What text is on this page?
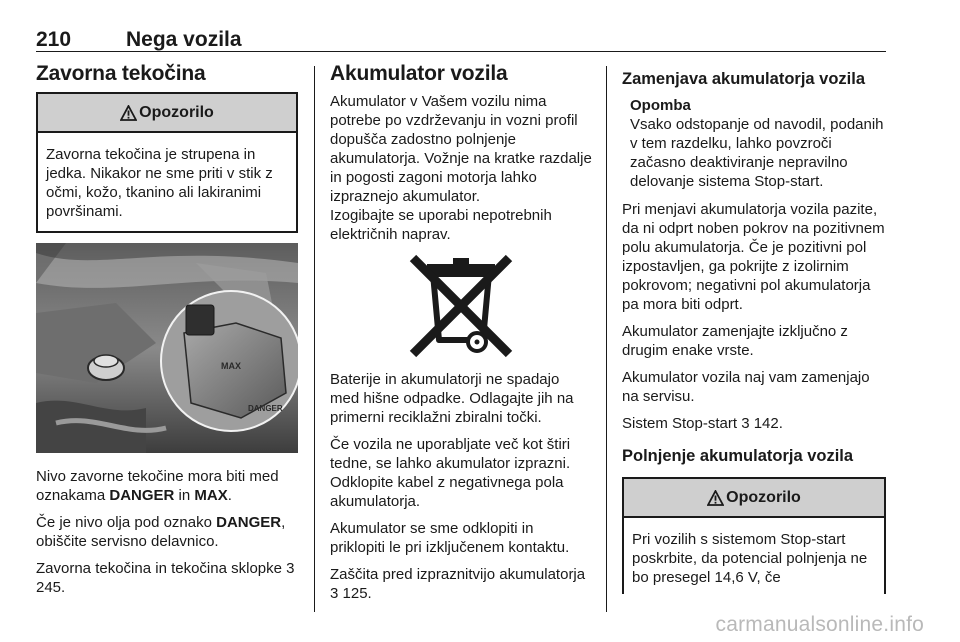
210	Nega vozila
Zavorna tekočina
Opozorilo
Zavorna tekočina je strupena in jedka. Nikakor ne sme priti v stik z očmi, kožo, tkanino ali lakiranimi površinami.
MAX
DANGER

Nivo zavorne tekočine mora biti med oznakama DANGER in MAX.

Če je nivo olja pod oznako DANGER, obiščite servisno delavnico.

Zavorna tekočina in tekočina sklopke 3 245.

Akumulator vozila

Akumulator v Vašem vozilu nima potrebe po vzdrževanju in vozni profil dopušča zadostno polnjenje akumulatorja. Vožnje na kratke razdalje in pogosti zagoni motorja lahko izpraznejo akumulator.

Izogibajte se uporabi nepotrebnih električnih naprav.

Baterije in akumulatorji ne spadajo med hišne odpadke. Odlagajte jih na primerni reciklažni zbiralni točki.

Če vozila ne uporabljate več kot štiri tedne, se lahko akumulator izprazni. Odklopite kabel z negativnega pola akumulatorja.

Akumulator se sme odklopiti in priklopiti le pri izključenem kontaktu.

Zaščita pred izpraznitvijo akumulatorja 3 125.

Zamenjava akumulatorja vozila
Opomba
Vsako odstopanje od navodil, podanih v tem razdelku, lahko povzroči začasno deaktiviranje nepravilno delovanje sistema Stop-start.

Pri menjavi akumulatorja vozila pazite, da ni odprt noben pokrov na pozitivnem polu akumulatorja. Če je pozitivni pol izpostavljen, ga pokrijte z izolirnim pokrovom; negativni pol akumulatorja pa mora biti odprt.

Akumulator zamenjajte izključno z drugim enake vrste.

Akumulator vozila naj vam zamenjajo na servisu.

Sistem Stop-start 3 142.

Polnjenje akumulatorja vozila
Opozorilo
Pri vozilih s sistemom Stop-start poskrbite, da potencial polnjenja ne bo presegel 14,6 V, če
carmanualsonline.info
